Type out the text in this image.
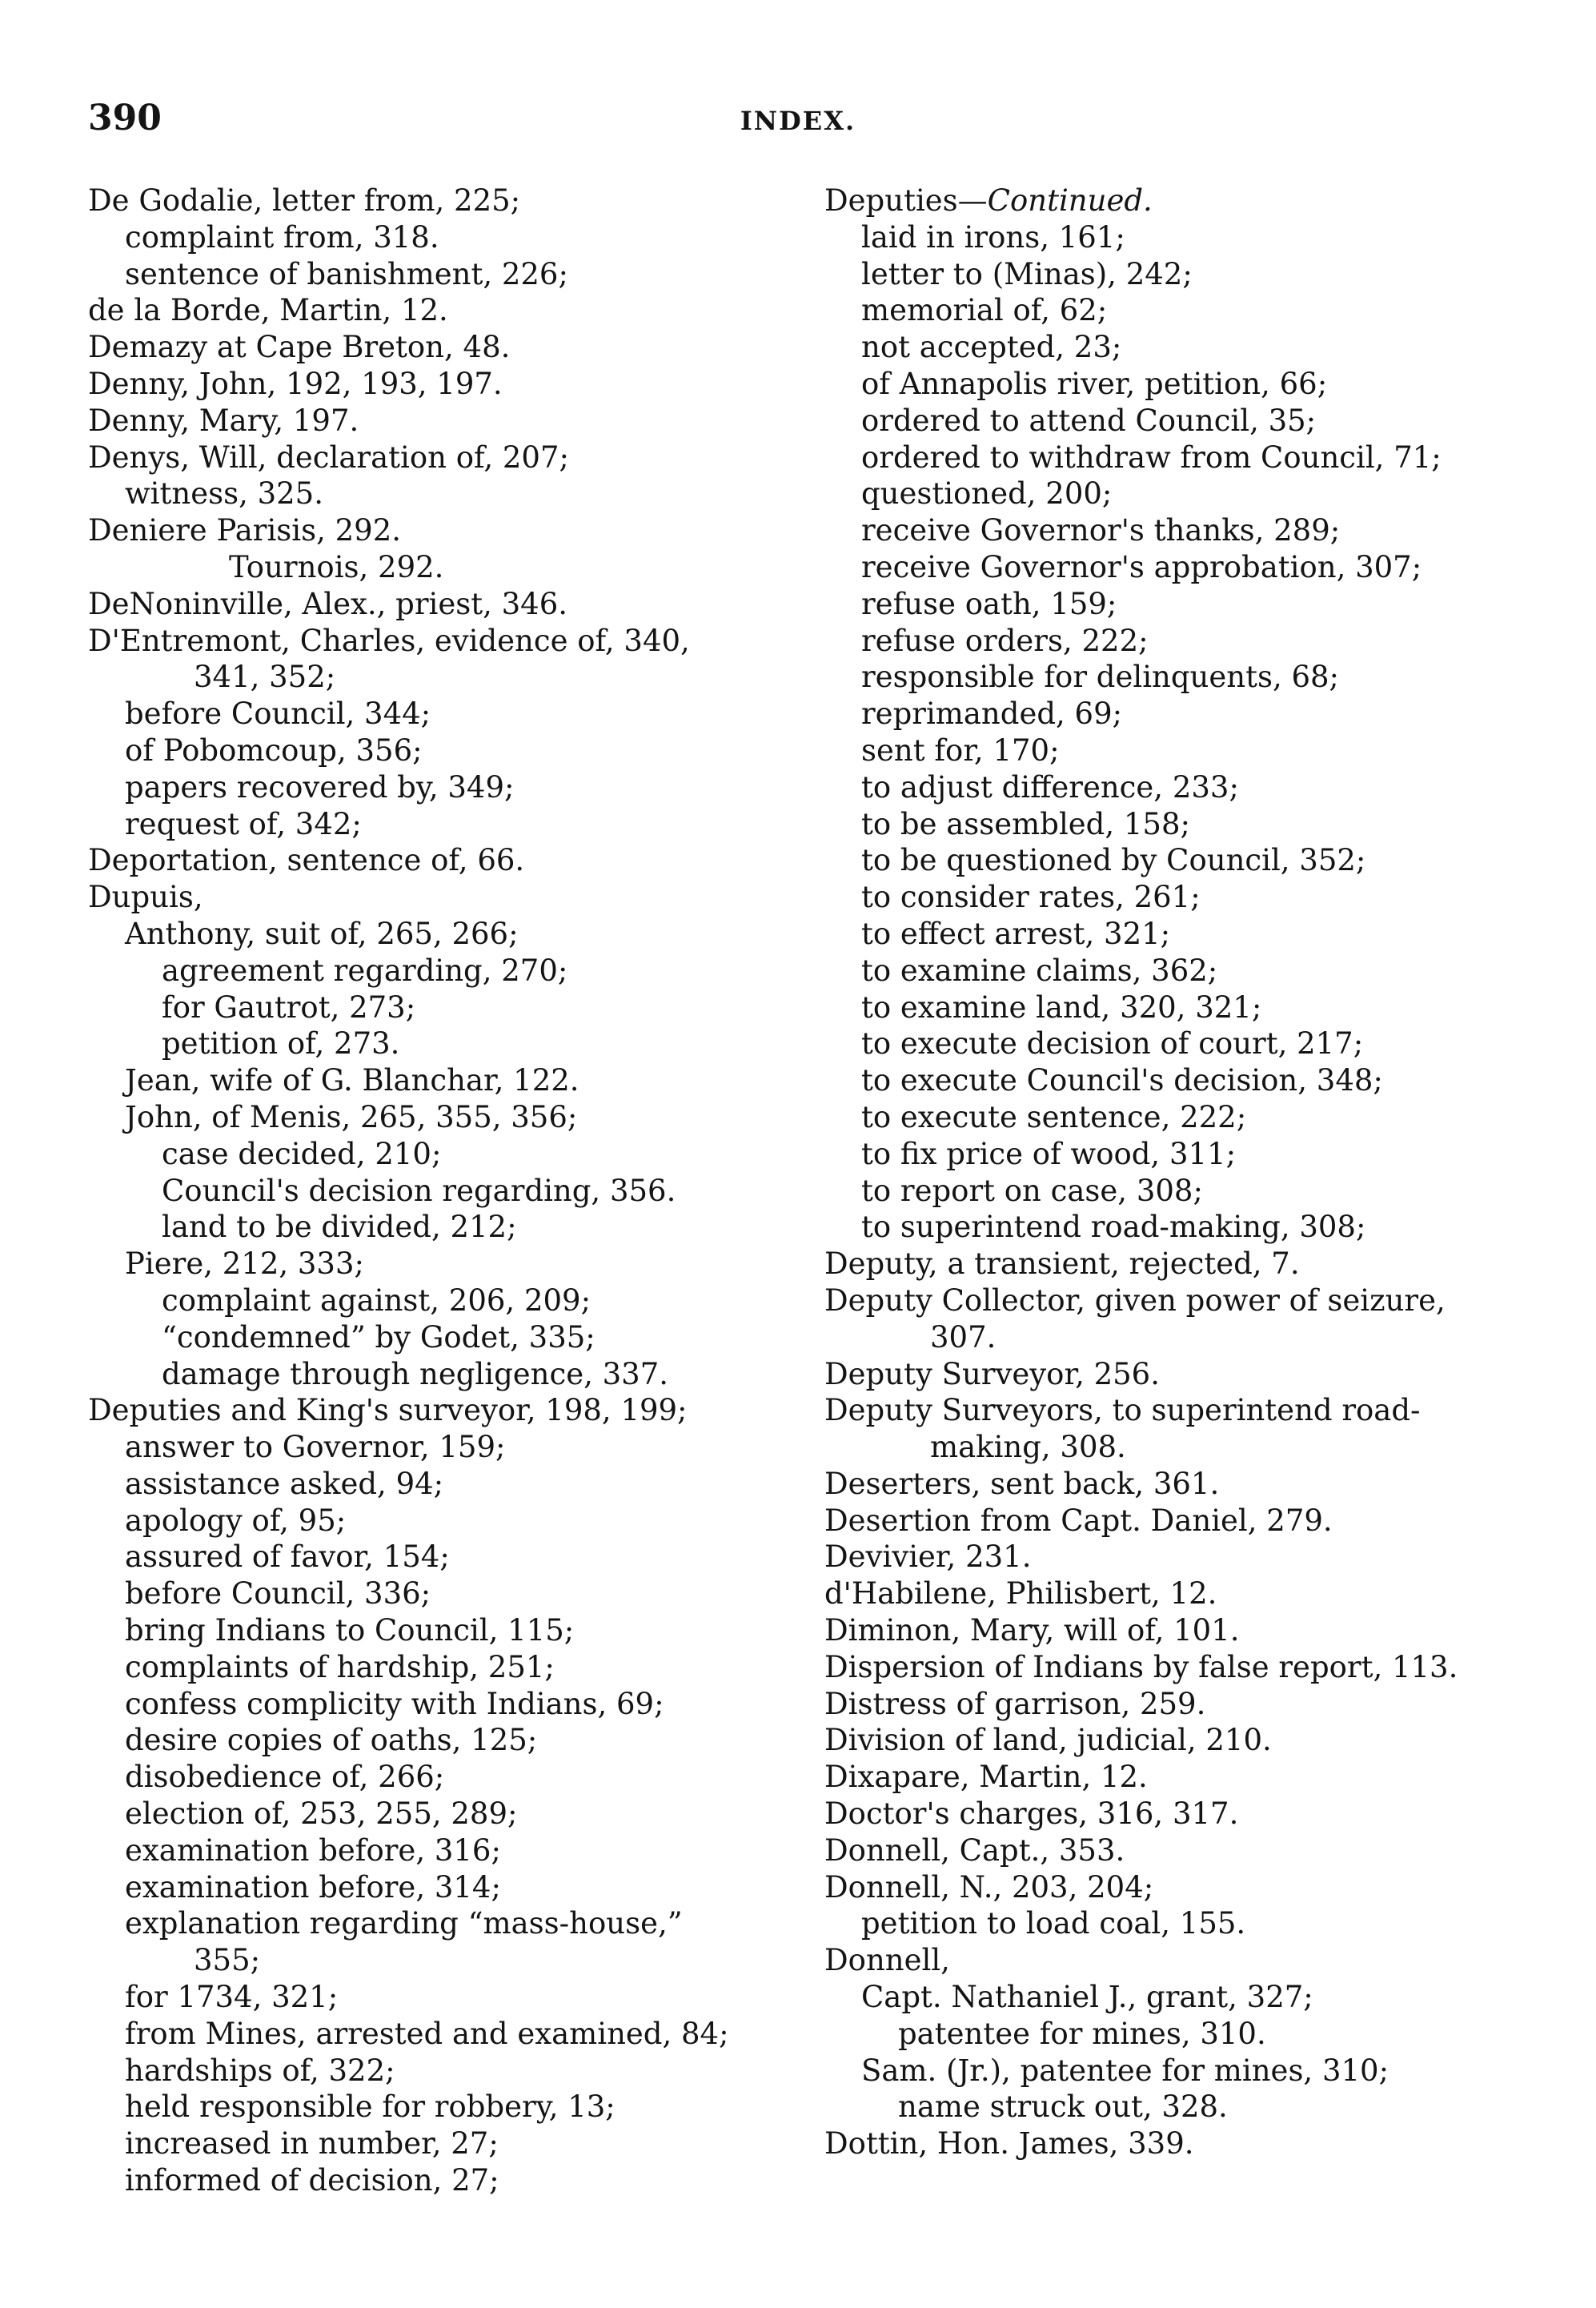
390	INDEX.
De Godalie, letter from, 225;
complaint from, 318.
sentence of banishment, 226;
de la Borde, Martin, 12.
Demazy at Cape Breton, 48.
Denny, John, 192, 193, 197.
Denny, Mary, 197.
Denys, Will, declaration of, 207;
witness, 325.
Deniere Parisis, 292.
Tournois, 292.
DeNoninville, Alex., priest, 346.
D'Entremont, Charles, evidence of, 340,
341, 352;
before Council, 344;
of Pobomcoup, 356;
papers recovered by, 349;
request of, 342;
Deportation, sentence of, 66.
Dupuis,
Anthony, suit of, 265, 266;
agreement regarding, 270;
for Gautrot, 273;
petition of, 273.
Jean, wife of G. Blanchar, 122.
John, of Menis, 265, 355, 356;
case decided, 210;
Council's decision regarding, 356.
land to be divided, 212;
Piere, 212, 333;
complaint against, 206, 209;
“condemned” by Godet, 335;
damage through negligence, 337.
Deputies and King's surveyor, 198, 199;
answer to Governor, 159;
assistance asked, 94;
apology of, 95;
assured of favor, 154;
before Council, 336;
bring Indians to Council, 115;
complaints of hardship, 251;
confess complicity with Indians, 69;
desire copies of oaths, 125;
disobedience of, 266;
election of, 253, 255, 289;
examination before, 316;
examination before, 314;
explanation regarding “mass-house,”
355;
for 1734, 321;
from Mines, arrested and examined, 84;
hardships of, 322;
held responsible for robbery, 13;
increased in number, 27;
informed of decision, 27;
Deputies—Continued.
laid in irons, 161;
letter to (Minas), 242;
memorial of, 62;
not accepted, 23;
of Annapolis river, petition, 66;
ordered to attend Council, 35;
ordered to withdraw from Council, 71;
questioned, 200;
receive Governor's thanks, 289;
receive Governor's approbation, 307;
refuse oath, 159;
refuse orders, 222;
responsible for delinquents, 68;
reprimanded, 69;
sent for, 170;
to adjust difference, 233;
to be assembled, 158;
to be questioned by Council, 352;
to consider rates, 261;
to effect arrest, 321;
to examine claims, 362;
to examine land, 320, 321;
to execute decision of court, 217;
to execute Council's decision, 348;
to execute sentence, 222;
to fix price of wood, 311;
to report on case, 308;
to superintend road-making, 308;
Deputy, a transient, rejected, 7.
Deputy Collector, given power of seizure,
307.
Deputy Surveyor, 256.
Deputy Surveyors, to superintend road-
making, 308.
Deserters, sent back, 361.
Desertion from Capt. Daniel, 279.
Devivier, 231.
d'Habilene, Philisbert, 12.
Diminon, Mary, will of, 101.
Dispersion of Indians by false report, 113.
Distress of garrison, 259.
Division of land, judicial, 210.
Dixapare, Martin, 12.
Doctor's charges, 316, 317.
Donnell, Capt., 353.
Donnell, N., 203, 204;
petition to load coal, 155.
Donnell,
Capt. Nathaniel J., grant, 327;
patentee for mines, 310.
Sam. (Jr.), patentee for mines, 310;
name struck out, 328.
Dottin, Hon. James, 339.
